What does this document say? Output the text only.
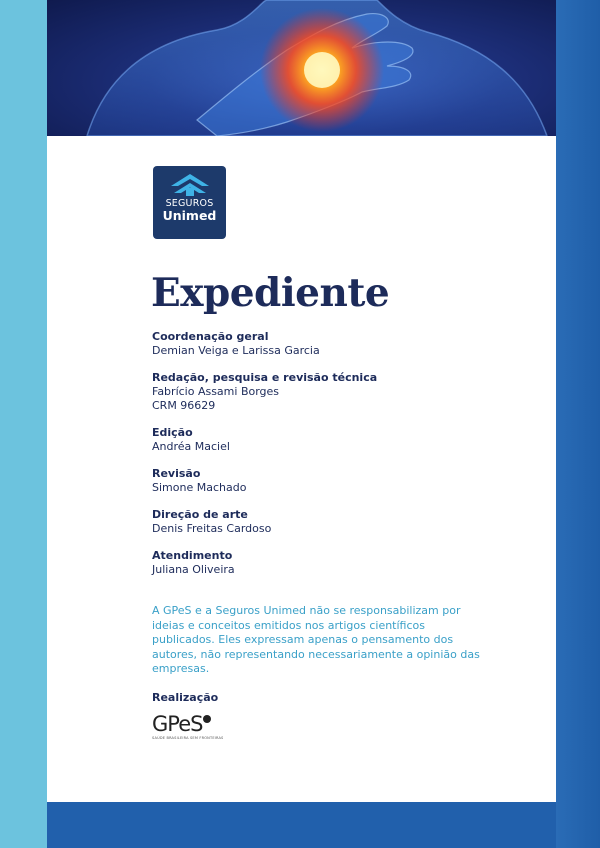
SEGUROS
Unimed
Expediente
Coordenação geral
Demian Veiga e Larissa Garcia
Redação, pesquisa e revisão técnica
Fabrício Assami Borges
CRM 96629
Edição
Andréa Maciel
Revisão
Simone Machado
Direção de arte
Denis Freitas Cardoso
Atendimento
Juliana Oliveira

A GPeS e a Seguros Unimed não se responsabilizam por ideias e conceitos emitidos nos artigos científicos publicados. Eles expressam apenas o pensamento dos autores, não representando necessariamente a opinião das empresas.

Realização
GPeS
SAÚDE BRASILEIRA SEM FRONTEIRAS
